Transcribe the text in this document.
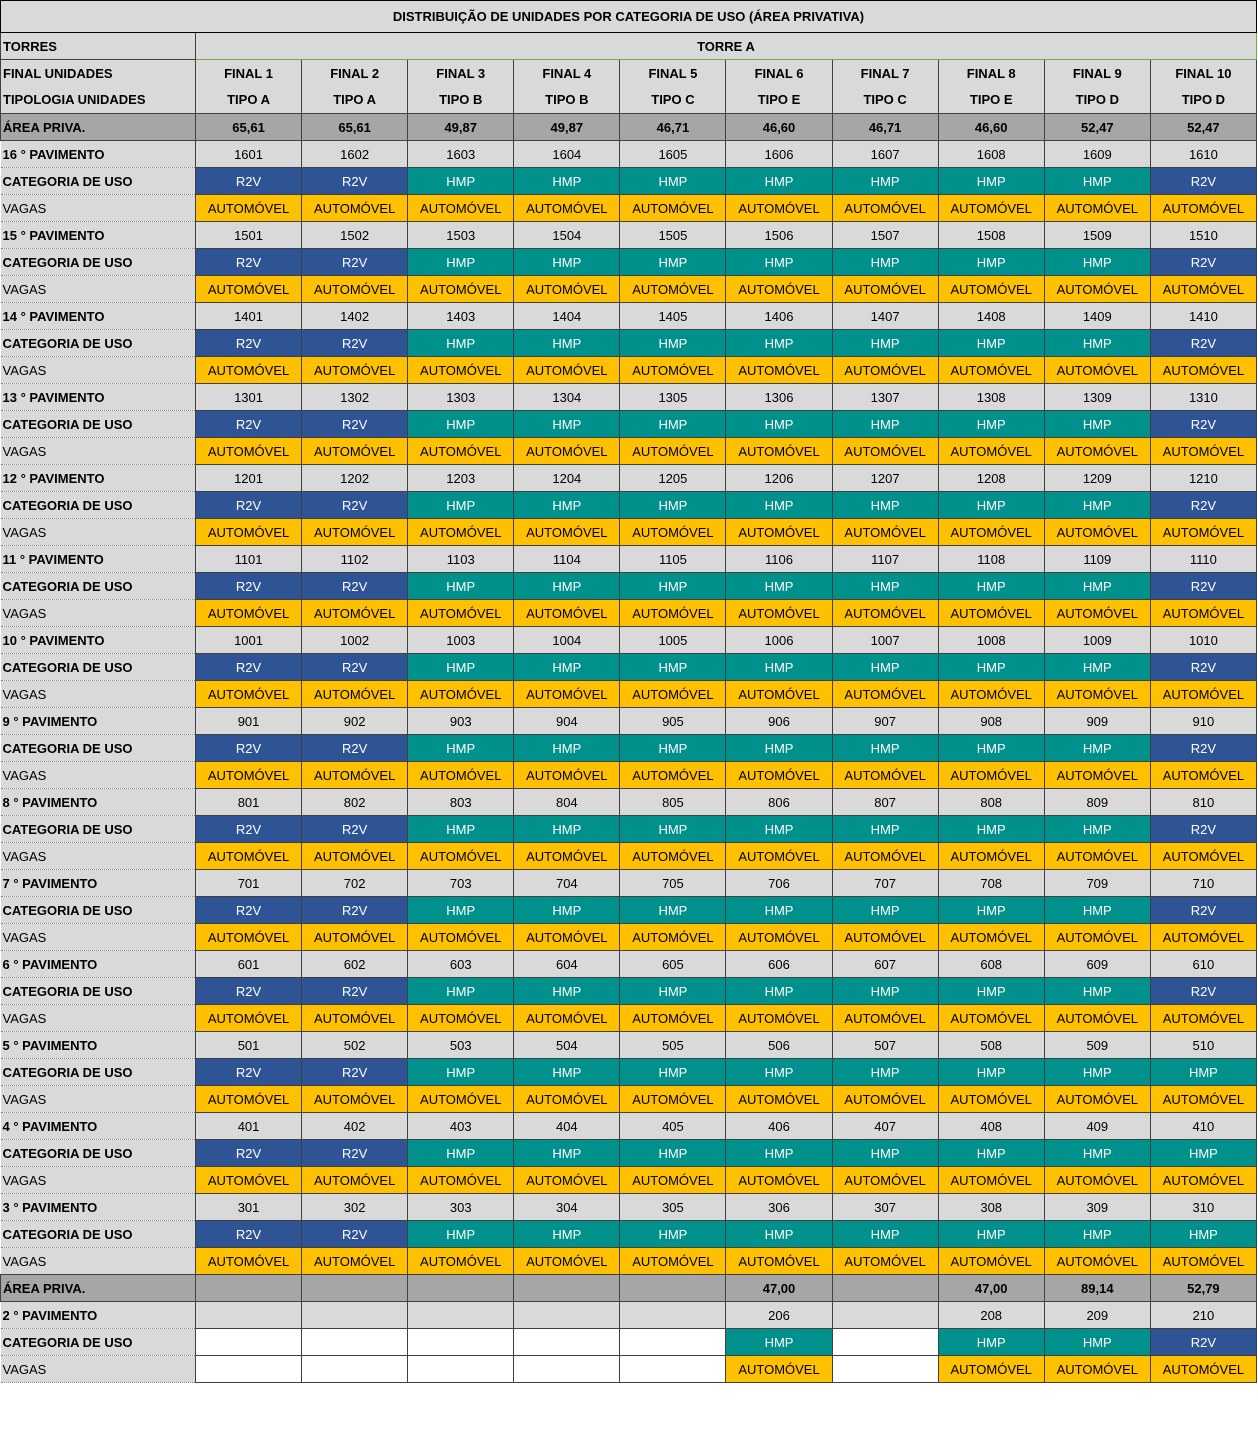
DISTRIBUIÇÃO DE UNIDADES POR CATEGORIA DE USO (ÁREA PRIVATIVA)										
TORRES	TORRE A									
FINAL UNIDADES	FINAL 1	FINAL 2	FINAL 3	FINAL 4	FINAL 5	FINAL 6	FINAL 7	FINAL 8	FINAL 9	FINAL 10
TIPOLOGIA UNIDADES	TIPO A	TIPO A	TIPO B	TIPO B	TIPO C	TIPO E	TIPO C	TIPO E	TIPO D	TIPO D
ÁREA PRIVA.	65,61	65,61	49,87	49,87	46,71	46,60	46,71	46,60	52,47	52,47
16 ° PAVIMENTO	1601	1602	1603	1604	1605	1606	1607	1608	1609	1610
CATEGORIA DE USO	R2V	R2V	HMP	HMP	HMP	HMP	HMP	HMP	HMP	R2V
VAGAS	AUTOMÓVEL	AUTOMÓVEL	AUTOMÓVEL	AUTOMÓVEL	AUTOMÓVEL	AUTOMÓVEL	AUTOMÓVEL	AUTOMÓVEL	AUTOMÓVEL	AUTOMÓVEL
15 ° PAVIMENTO	1501	1502	1503	1504	1505	1506	1507	1508	1509	1510
CATEGORIA DE USO	R2V	R2V	HMP	HMP	HMP	HMP	HMP	HMP	HMP	R2V
VAGAS	AUTOMÓVEL	AUTOMÓVEL	AUTOMÓVEL	AUTOMÓVEL	AUTOMÓVEL	AUTOMÓVEL	AUTOMÓVEL	AUTOMÓVEL	AUTOMÓVEL	AUTOMÓVEL
14 ° PAVIMENTO	1401	1402	1403	1404	1405	1406	1407	1408	1409	1410
CATEGORIA DE USO	R2V	R2V	HMP	HMP	HMP	HMP	HMP	HMP	HMP	R2V
VAGAS	AUTOMÓVEL	AUTOMÓVEL	AUTOMÓVEL	AUTOMÓVEL	AUTOMÓVEL	AUTOMÓVEL	AUTOMÓVEL	AUTOMÓVEL	AUTOMÓVEL	AUTOMÓVEL
13 ° PAVIMENTO	1301	1302	1303	1304	1305	1306	1307	1308	1309	1310
CATEGORIA DE USO	R2V	R2V	HMP	HMP	HMP	HMP	HMP	HMP	HMP	R2V
VAGAS	AUTOMÓVEL	AUTOMÓVEL	AUTOMÓVEL	AUTOMÓVEL	AUTOMÓVEL	AUTOMÓVEL	AUTOMÓVEL	AUTOMÓVEL	AUTOMÓVEL	AUTOMÓVEL
12 ° PAVIMENTO	1201	1202	1203	1204	1205	1206	1207	1208	1209	1210
CATEGORIA DE USO	R2V	R2V	HMP	HMP	HMP	HMP	HMP	HMP	HMP	R2V
VAGAS	AUTOMÓVEL	AUTOMÓVEL	AUTOMÓVEL	AUTOMÓVEL	AUTOMÓVEL	AUTOMÓVEL	AUTOMÓVEL	AUTOMÓVEL	AUTOMÓVEL	AUTOMÓVEL
11 ° PAVIMENTO	1101	1102	1103	1104	1105	1106	1107	1108	1109	1110
CATEGORIA DE USO	R2V	R2V	HMP	HMP	HMP	HMP	HMP	HMP	HMP	R2V
VAGAS	AUTOMÓVEL	AUTOMÓVEL	AUTOMÓVEL	AUTOMÓVEL	AUTOMÓVEL	AUTOMÓVEL	AUTOMÓVEL	AUTOMÓVEL	AUTOMÓVEL	AUTOMÓVEL
10 ° PAVIMENTO	1001	1002	1003	1004	1005	1006	1007	1008	1009	1010
CATEGORIA DE USO	R2V	R2V	HMP	HMP	HMP	HMP	HMP	HMP	HMP	R2V
VAGAS	AUTOMÓVEL	AUTOMÓVEL	AUTOMÓVEL	AUTOMÓVEL	AUTOMÓVEL	AUTOMÓVEL	AUTOMÓVEL	AUTOMÓVEL	AUTOMÓVEL	AUTOMÓVEL
9 ° PAVIMENTO	901	902	903	904	905	906	907	908	909	910
CATEGORIA DE USO	R2V	R2V	HMP	HMP	HMP	HMP	HMP	HMP	HMP	R2V
VAGAS	AUTOMÓVEL	AUTOMÓVEL	AUTOMÓVEL	AUTOMÓVEL	AUTOMÓVEL	AUTOMÓVEL	AUTOMÓVEL	AUTOMÓVEL	AUTOMÓVEL	AUTOMÓVEL
8 ° PAVIMENTO	801	802	803	804	805	806	807	808	809	810
CATEGORIA DE USO	R2V	R2V	HMP	HMP	HMP	HMP	HMP	HMP	HMP	R2V
VAGAS	AUTOMÓVEL	AUTOMÓVEL	AUTOMÓVEL	AUTOMÓVEL	AUTOMÓVEL	AUTOMÓVEL	AUTOMÓVEL	AUTOMÓVEL	AUTOMÓVEL	AUTOMÓVEL
7 ° PAVIMENTO	701	702	703	704	705	706	707	708	709	710
CATEGORIA DE USO	R2V	R2V	HMP	HMP	HMP	HMP	HMP	HMP	HMP	R2V
VAGAS	AUTOMÓVEL	AUTOMÓVEL	AUTOMÓVEL	AUTOMÓVEL	AUTOMÓVEL	AUTOMÓVEL	AUTOMÓVEL	AUTOMÓVEL	AUTOMÓVEL	AUTOMÓVEL
6 ° PAVIMENTO	601	602	603	604	605	606	607	608	609	610
CATEGORIA DE USO	R2V	R2V	HMP	HMP	HMP	HMP	HMP	HMP	HMP	R2V
VAGAS	AUTOMÓVEL	AUTOMÓVEL	AUTOMÓVEL	AUTOMÓVEL	AUTOMÓVEL	AUTOMÓVEL	AUTOMÓVEL	AUTOMÓVEL	AUTOMÓVEL	AUTOMÓVEL
5 ° PAVIMENTO	501	502	503	504	505	506	507	508	509	510
CATEGORIA DE USO	R2V	R2V	HMP	HMP	HMP	HMP	HMP	HMP	HMP	HMP
VAGAS	AUTOMÓVEL	AUTOMÓVEL	AUTOMÓVEL	AUTOMÓVEL	AUTOMÓVEL	AUTOMÓVEL	AUTOMÓVEL	AUTOMÓVEL	AUTOMÓVEL	AUTOMÓVEL
4 ° PAVIMENTO	401	402	403	404	405	406	407	408	409	410
CATEGORIA DE USO	R2V	R2V	HMP	HMP	HMP	HMP	HMP	HMP	HMP	HMP
VAGAS	AUTOMÓVEL	AUTOMÓVEL	AUTOMÓVEL	AUTOMÓVEL	AUTOMÓVEL	AUTOMÓVEL	AUTOMÓVEL	AUTOMÓVEL	AUTOMÓVEL	AUTOMÓVEL
3 ° PAVIMENTO	301	302	303	304	305	306	307	308	309	310
CATEGORIA DE USO	R2V	R2V	HMP	HMP	HMP	HMP	HMP	HMP	HMP	HMP
VAGAS	AUTOMÓVEL	AUTOMÓVEL	AUTOMÓVEL	AUTOMÓVEL	AUTOMÓVEL	AUTOMÓVEL	AUTOMÓVEL	AUTOMÓVEL	AUTOMÓVEL	AUTOMÓVEL
ÁREA PRIVA.						47,00		47,00	89,14	52,79
2 ° PAVIMENTO						206		208	209	210
CATEGORIA DE USO						HMP		HMP	HMP	R2V
VAGAS						AUTOMÓVEL		AUTOMÓVEL	AUTOMÓVEL	AUTOMÓVEL
